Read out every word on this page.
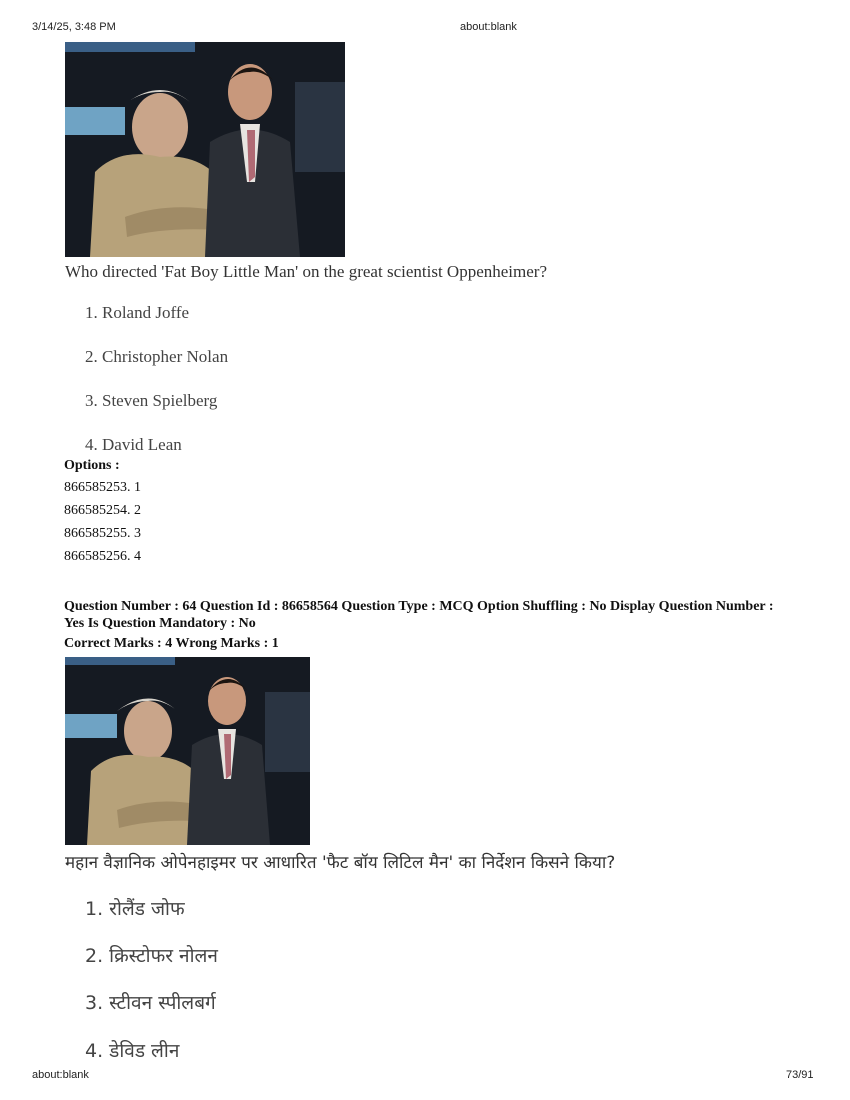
3/14/25, 3:48 PM	about:blank
Who directed 'Fat Boy Little Man' on the great scientist Oppenheimer?
1. Roland Joffe
2. Christopher Nolan
3. Steven Spielberg
4. David Lean
Options :
866585253. 1
866585254. 2
866585255. 3
866585256. 4
Question Number : 64 Question Id : 86658564 Question Type : MCQ Option Shuffling : No Display Question Number : Yes Is Question Mandatory : No
Correct Marks : 4 Wrong Marks : 1
महान वैज्ञानिक ओपेनहाइमर पर आधारित 'फैट बॉय लिटिल मैन' का निर्देशन किसने किया?
1. रोलैंड जोफ
2. क्रिस्टोफर नोलन
3. स्टीवन स्पीलबर्ग
4. डेविड लीन
about:blank	73/91
